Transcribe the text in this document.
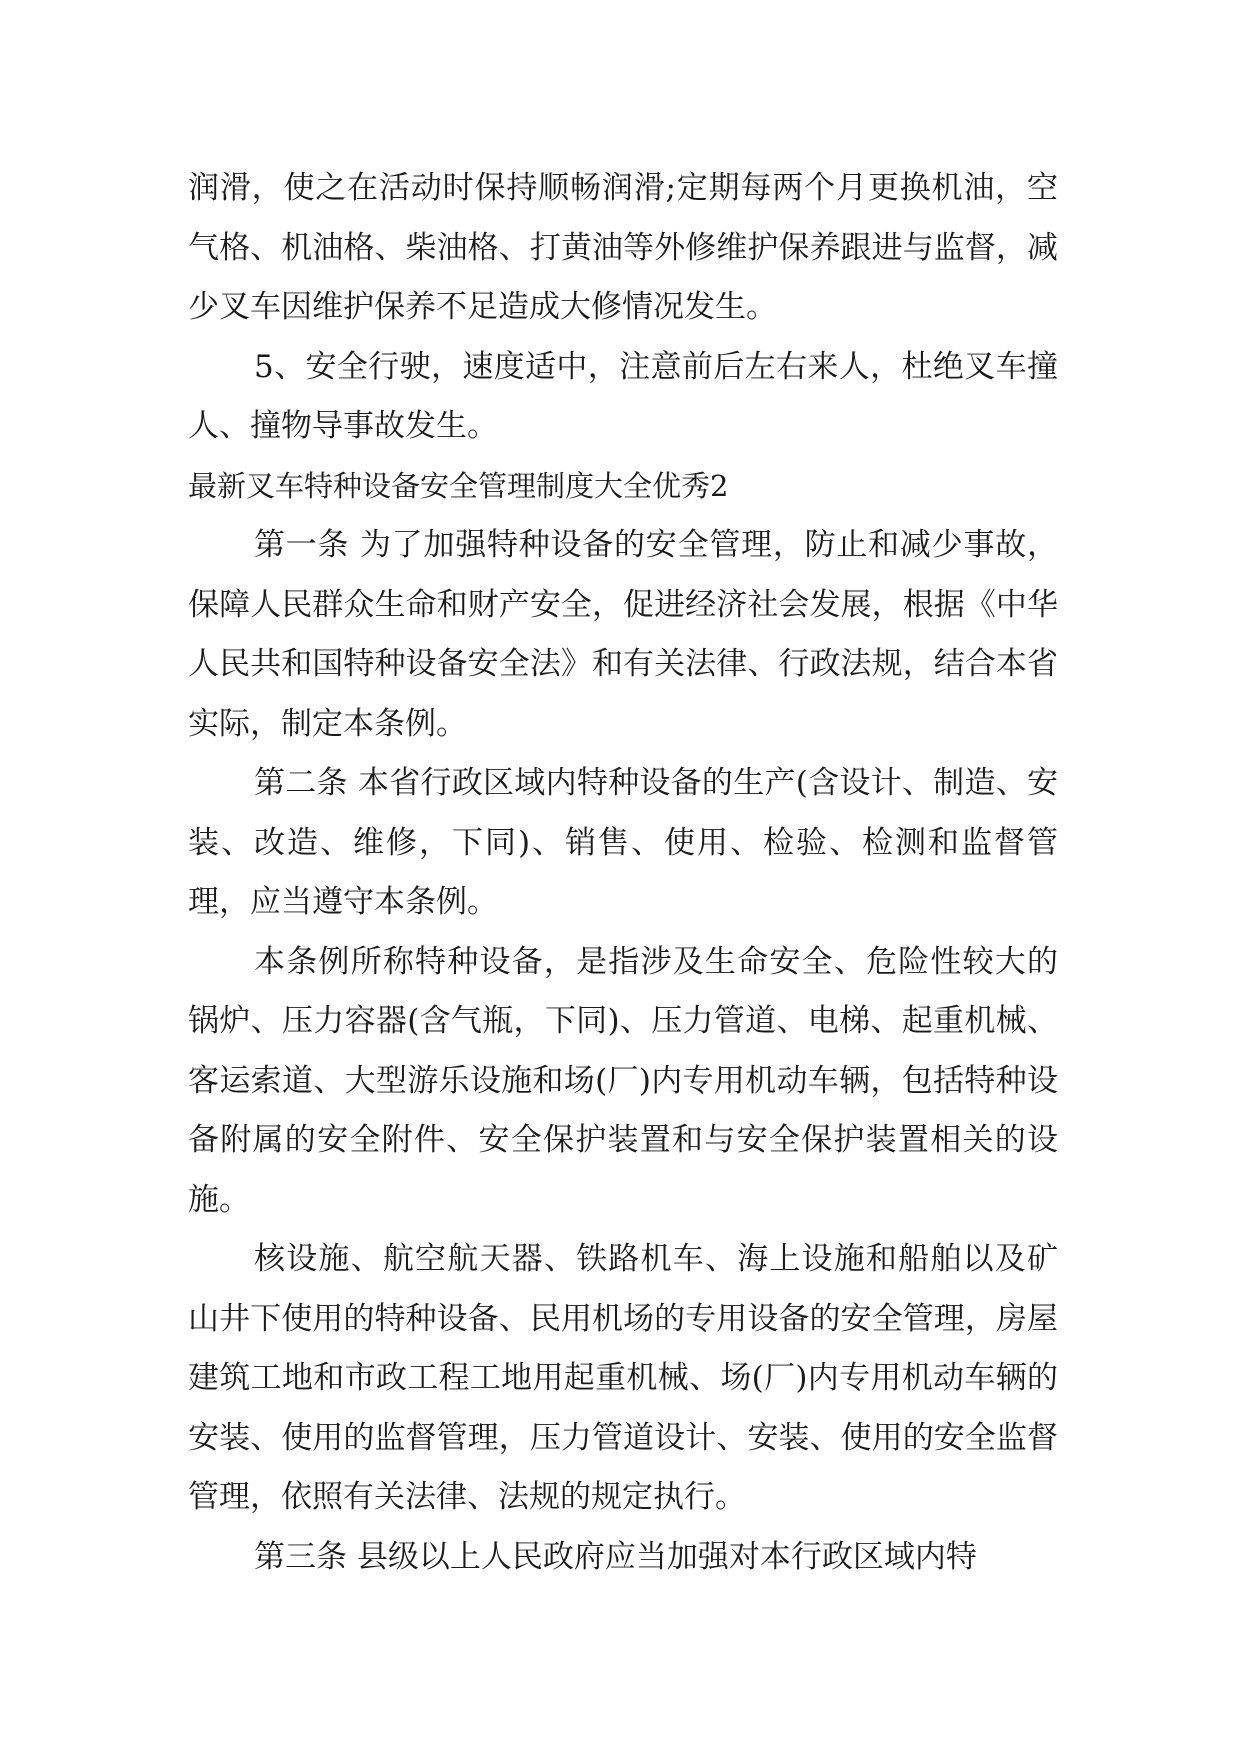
润滑，使之在活动时保持顺畅润滑;定期每两个月更换机油，空气格、机油格、柴油格、打黄油等外修维护保养跟进与监督，减少叉车因维护保养不足造成大修情况发生。

5、安全行驶，速度适中，注意前后左右来人，杜绝叉车撞人、撞物导事故发生。

最新叉车特种设备安全管理制度大全优秀2

第一条 为了加强特种设备的安全管理，防止和减少事故，保障人民群众生命和财产安全，促进经济社会发展，根据《中华人民共和国特种设备安全法》和有关法律、行政法规，结合本省实际，制定本条例。

第二条 本省行政区域内特种设备的生产(含设计、制造、安装、改造、维修，下同)、销售、使用、检验、检测和监督管理，应当遵守本条例。

本条例所称特种设备，是指涉及生命安全、危险性较大的锅炉、压力容器(含气瓶，下同)、压力管道、电梯、起重机械、客运索道、大型游乐设施和场(厂)内专用机动车辆，包括特种设备附属的安全附件、安全保护装置和与安全保护装置相关的设施。

核设施、航空航天器、铁路机车、海上设施和船舶以及矿山井下使用的特种设备、民用机场的专用设备的安全管理，房屋建筑工地和市政工程工地用起重机械、场(厂)内专用机动车辆的安装、使用的监督管理，压力管道设计、安装、使用的安全监督管理，依照有关法律、法规的规定执行。

第三条 县级以上人民政府应当加强对本行政区域内特
